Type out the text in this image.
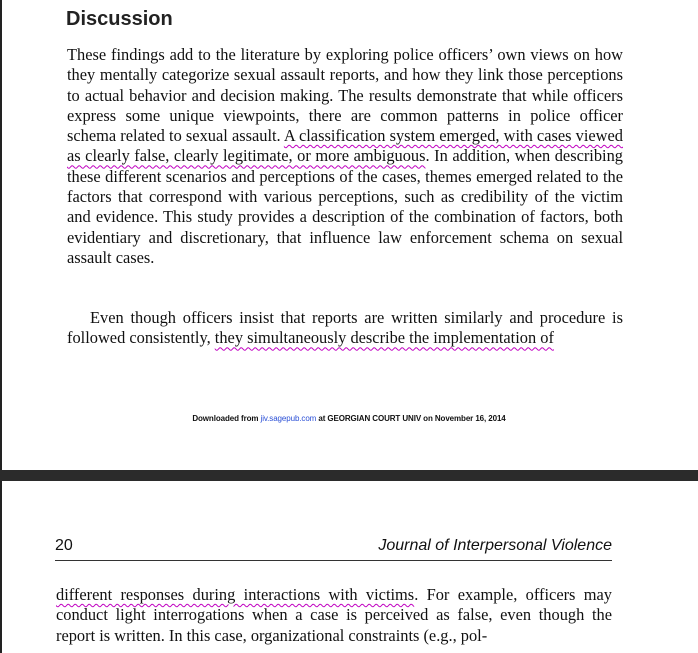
Discussion

These findings add to the literature by exploring police officers’ own views on how they mentally categorize sexual assault reports, and how they link those perceptions to actual behavior and decision making. The results demonstrate that while officers express some unique viewpoints, there are common patterns in police officer schema related to sexual assault. A classification system emerged, with cases viewed as clearly false, clearly legitimate, or more ambiguous. In addition, when describing these different scenarios and perceptions of the cases, themes emerged related to the factors that correspond with various perceptions, such as credibility of the victim and evidence. This study provides a description of the combination of factors, both evidentiary and discretionary, that influence law enforcement schema on sexual assault cases.

Even though officers insist that reports are written similarly and procedure is followed consistently, they simultaneously describe the implementation of

Downloaded from jiv.sagepub.com at GEORGIAN COURT UNIV on November 16, 2014
20	Journal of Interpersonal Violence

different responses during interactions with victims. For example, officers may conduct light interrogations when a case is perceived as false, even though the report is written. In this case, organizational constraints (e.g., pol-
